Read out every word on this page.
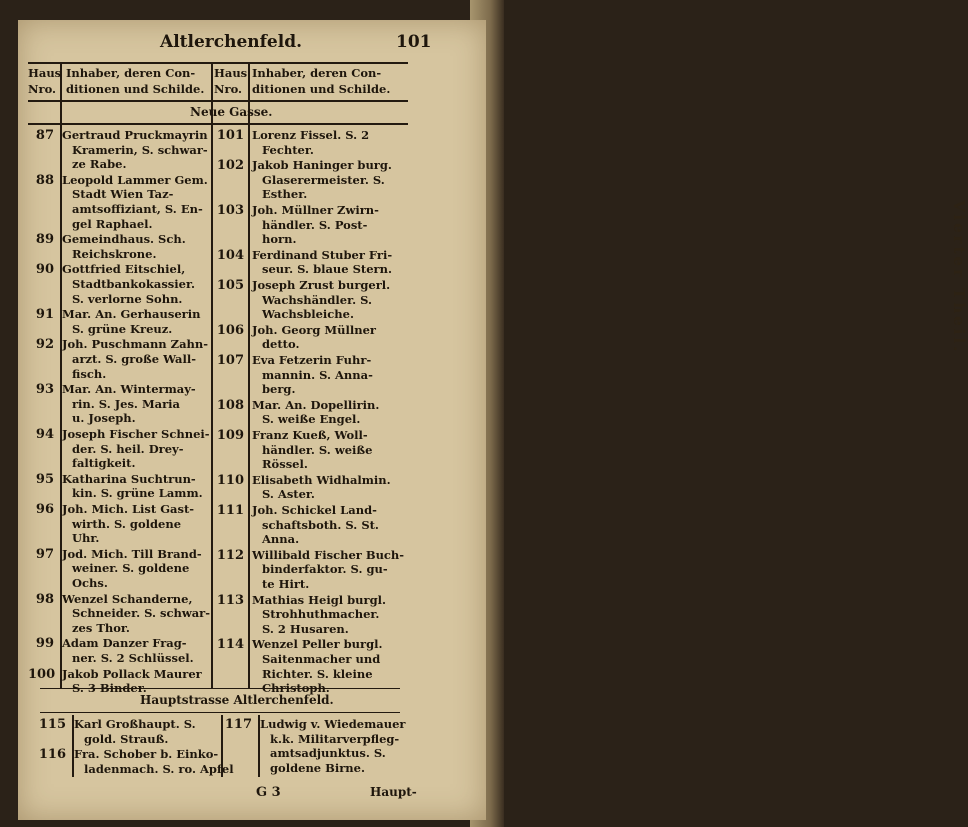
Vierter Theil.
Altlerchenfeld.	101
Haus
Nro.
Inhaber, deren Con-
ditionen und Schilde.
Haus
Nro.
Inhaber, deren Con-
ditionen und Schilde.
Neue Gasse.
Hauptstrasse Altlerchenfeld.
87 Gertraud Pruckmayrin
Kramerin, S. schwar-
ze Rabe.
88 Leopold Lammer Gem.
Stadt Wien Taz-
amtsoffiziant, S. En-
gel Raphael.
89 Gemeindhaus. Sch.
Reichskrone.
90 Gottfried Eitschiel,
Stadtbankokassier.
S. verlorne Sohn.
91 Mar. An. Gerhauserin
S. grüne Kreuz.
92 Joh. Puschmann Zahn-
arzt. S. große Wall-
fisch.
93 Mar. An. Wintermay-
rin. S. Jes. Maria
u. Joseph.
94 Joseph Fischer Schnei-
der. S. heil. Drey-
faltigkeit.
95 Katharina Suchtrun-
kin. S. grüne Lamm.
96 Joh. Mich. List Gast-
wirth. S. goldene
Uhr.
97 Jod. Mich. Till Brand-
weiner. S. goldene
Ochs.
98 Wenzel Schanderne,
Schneider. S. schwar-
zes Thor.
99 Adam Danzer Frag-
ner. S. 2 Schlüssel.
100 Jakob Pollack Maurer
S. 3 Binder.
101 Lorenz Fissel. S. 2
Fechter.
102 Jakob Haninger burg.
Glaserermeister. S.
Esther.
103 Joh. Müllner Zwirn-
händler. S. Post-
horn.
104 Ferdinand Stuber Fri-
seur. S. blaue Stern.
105 Joseph Zrust burgerl.
Wachshändler. S.
Wachsbleiche.
106 Joh. Georg Müllner
detto.
107 Eva Fetzerin Fuhr-
mannin. S. Anna-
berg.
108 Mar. An. Dopellirin.
S. weiße Engel.
109 Franz Kueß, Woll-
händler. S. weiße
Rössel.
110 Elisabeth Widhalmin.
S. Aster.
111 Joh. Schickel Land-
schaftsboth. S. St.
Anna.
112 Willibald Fischer Buch-
binderfaktor. S. gu-
te Hirt.
113 Mathias Heigl burgl.
Strohhuthmacher.
S. 2 Husaren.
114 Wenzel Peller burgl.
Saitenmacher und
Richter. S. kleine
Christoph.
115 Karl Großhaupt. S.
gold. Strauß.
116 Fra. Schober b. Einko-
ladenmach. S. ro. Apfel
117 Ludwig v. Wiedemauer
k.k. Militarverpfleg-
amtsadjunktus. S.
goldene Birne.
G 3	Haupt-
